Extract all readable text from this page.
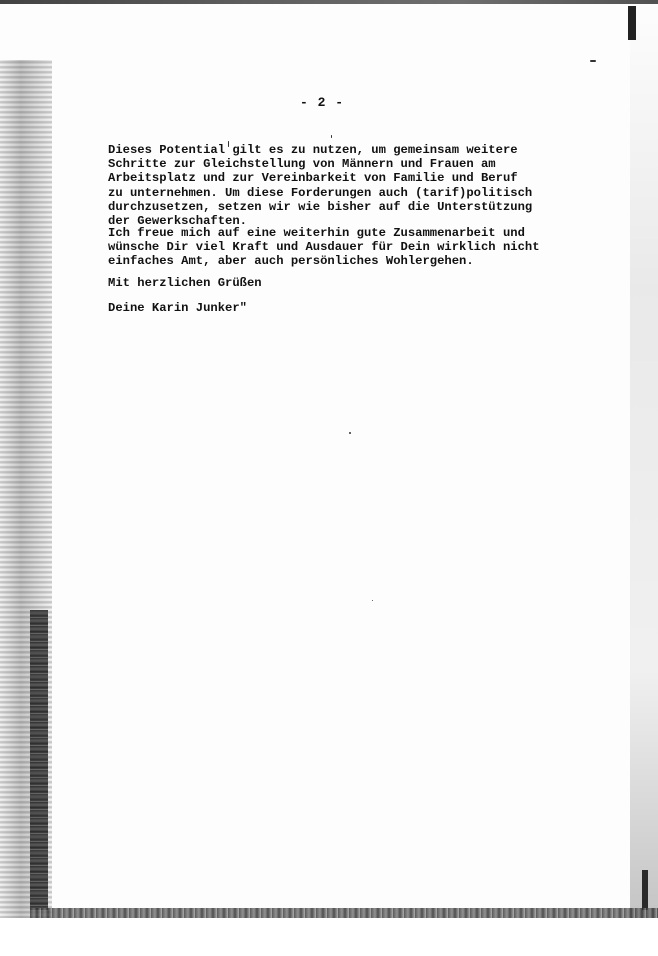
- 2 -
Dieses Potential gilt es zu nutzen, um gemeinsam weitere
Schritte zur Gleichstellung von Männern und Frauen am
Arbeitsplatz und zur Vereinbarkeit von Familie und Beruf
zu unternehmen. Um diese Forderungen auch (tarif)politisch
durchzusetzen, setzen wir wie bisher auf die Unterstützung
der Gewerkschaften.
Ich freue mich auf eine weiterhin gute Zusammenarbeit und
wünsche Dir viel Kraft und Ausdauer für Dein wirklich nicht
einfaches Amt, aber auch persönliches Wohlergehen.
Mit herzlichen Grüßen
Deine Karin Junker"
